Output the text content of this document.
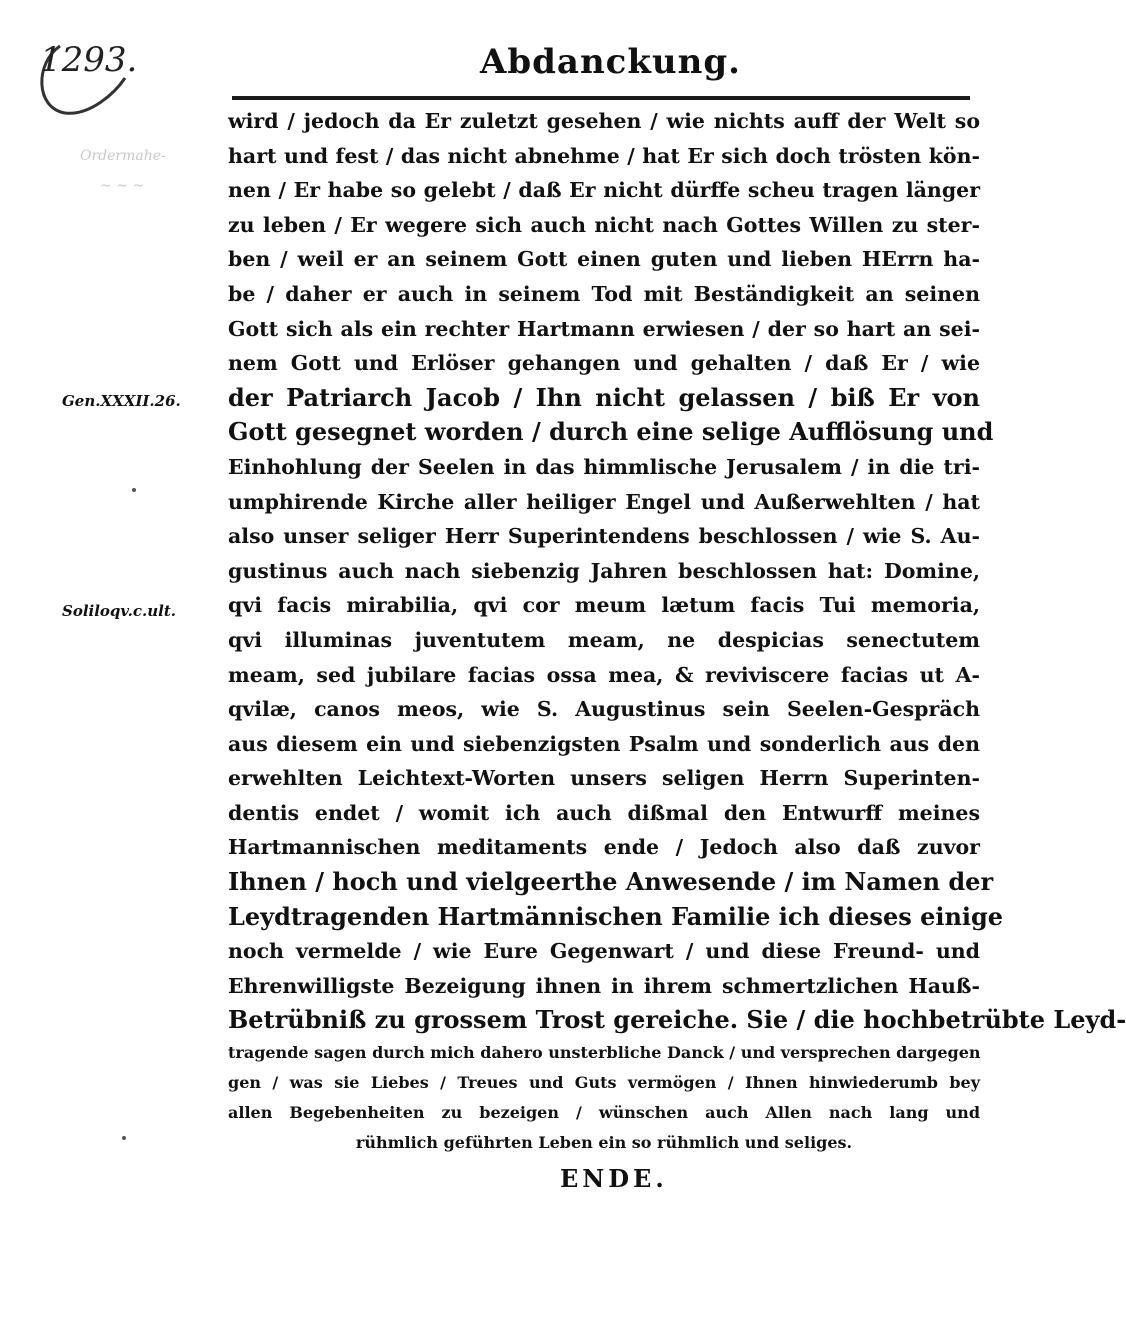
1293.	Abdanckung.
Ordermahe-
~ ~ ~
Gen.XXXII.26.
Soliloqv.c.ult.
wird / jedoch da Er zuletzt gesehen / wie nichts auff der Welt so
hart und fest / das nicht abnehme / hat Er sich doch trösten kön-
nen / Er habe so gelebt / daß Er nicht dürffe scheu tragen länger
zu leben / Er wegere sich auch nicht nach Gottes Willen zu ster-
ben / weil er an seinem Gott einen guten und lieben HErrn ha-
be / daher er auch in seinem Tod mit Beständigkeit an seinen
Gott sich als ein rechter Hartmann erwiesen / der so hart an sei-
nem Gott und Erlöser gehangen und gehalten / daß Er / wie
der Patriarch Jacob / Ihn nicht gelassen / biß Er von
Gott gesegnet worden / durch eine selige Aufflösung und
Einhohlung der Seelen in das himmlische Jerusalem / in die tri-
umphirende Kirche aller heiliger Engel und Außerwehlten / hat
also unser seliger Herr Superintendens beschlossen / wie S. Au-
gustinus auch nach siebenzig Jahren beschlossen hat: Domine,
qvi facis mirabilia, qvi cor meum lætum facis Tui memoria,
qvi illuminas juventutem meam, ne despicias senectutem
meam, sed jubilare facias ossa mea, & reviviscere facias ut A-
qvilæ, canos meos, wie S. Augustinus sein Seelen-Gespräch
aus diesem ein und siebenzigsten Psalm und sonderlich aus den
erwehlten Leichtext-Worten unsers seligen Herrn Superinten-
dentis endet / womit ich auch dißmal den Entwurff meines
Hartmannischen meditaments ende / Jedoch also daß zuvor
Ihnen / hoch und vielgeerthe Anwesende / im Namen der
Leydtragenden Hartmännischen Familie ich dieses einige
noch vermelde / wie Eure Gegenwart / und diese Freund- und
Ehrenwilligste Bezeigung ihnen in ihrem schmertzlichen Hauß-
Betrübniß zu grossem Trost gereiche. Sie / die hochbetrübte Leyd-
tragende sagen durch mich dahero unsterbliche Danck / und versprechen dargegen
gen / was sie Liebes / Treues und Guts vermögen / Ihnen hinwiederumb bey
allen Begebenheiten zu bezeigen / wünschen auch Allen nach lang und
rühmlich geführten Leben ein so rühmlich und seliges.
ENDE.
